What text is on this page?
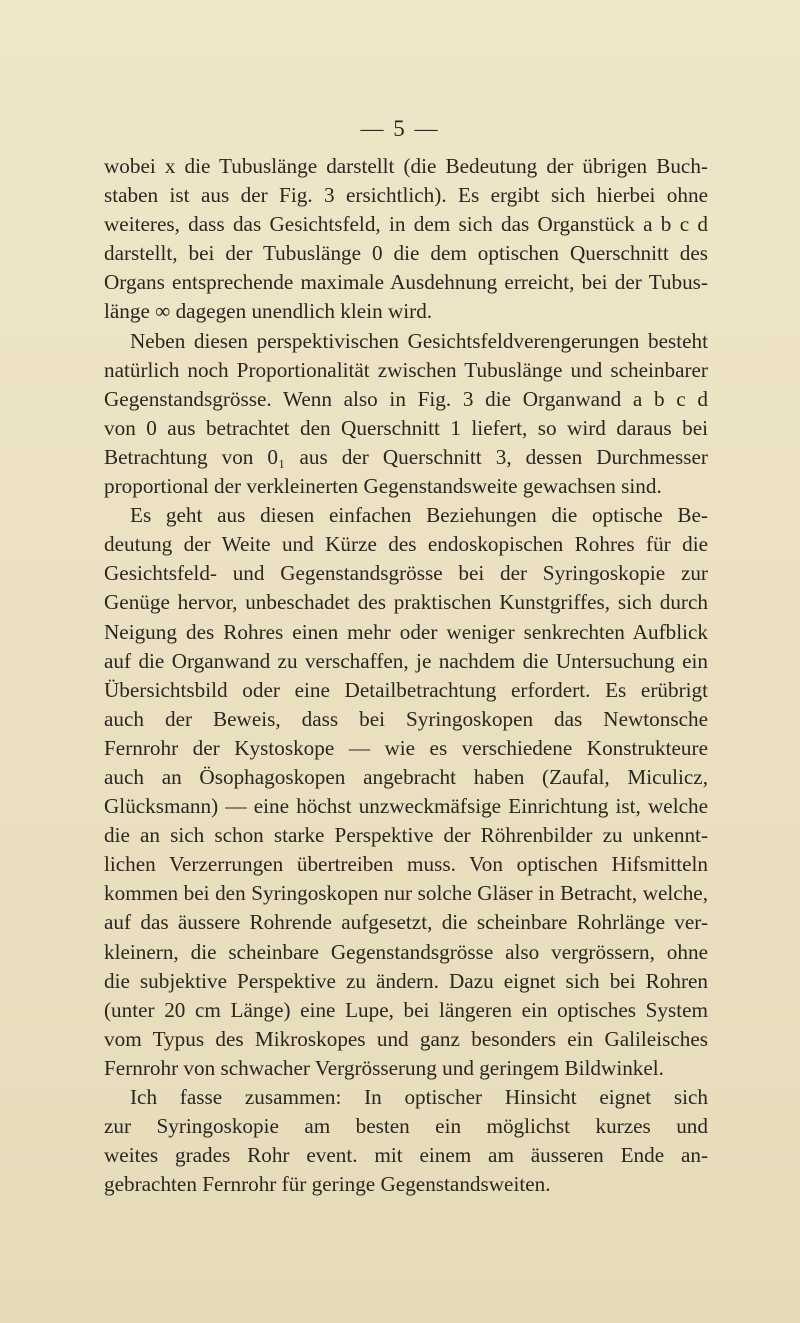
— 5 —
wobei x die Tubuslänge darstellt (die Bedeutung der übrigen Buch-
staben ist aus der Fig. 3 ersichtlich). Es ergibt sich hierbei ohne
weiteres, dass das Gesichtsfeld, in dem sich das Organstück a b c d
darstellt, bei der Tubuslänge 0 die dem optischen Querschnitt des
Organs entsprechende maximale Ausdehnung erreicht, bei der Tubus-
länge ∞ dagegen unendlich klein wird.
Neben diesen perspektivischen Gesichtsfeldverengerungen besteht
natürlich noch Proportionalität zwischen Tubuslänge und scheinbarer
Gegenstandsgrösse. Wenn also in Fig. 3 die Organwand a b c d
von 0 aus betrachtet den Querschnitt 1 liefert, so wird daraus bei
Betrachtung von 0₁ aus der Querschnitt 3, dessen Durchmesser
proportional der verkleinerten Gegenstandsweite gewachsen sind.
Es geht aus diesen einfachen Beziehungen die optische Be-
deutung der Weite und Kürze des endoskopischen Rohres für die
Gesichtsfeld- und Gegenstandsgrösse bei der Syringoskopie zur
Genüge hervor, unbeschadet des praktischen Kunstgriffes, sich durch
Neigung des Rohres einen mehr oder weniger senkrechten Aufblick
auf die Organwand zu verschaffen, je nachdem die Untersuchung ein
Übersichtsbild oder eine Detailbetrachtung erfordert. Es erübrigt
auch der Beweis, dass bei Syringoskopen das Newtonsche
Fernrohr der Kystoskope — wie es verschiedene Konstrukteure
auch an Ösophagoskopen angebracht haben (Zaufal, Miculicz,
Glücksmann) — eine höchst unzweckmäfsige Einrichtung ist, welche
die an sich schon starke Perspektive der Röhrenbilder zu unkennt-
lichen Verzerrungen übertreiben muss. Von optischen Hifsmitteln
kommen bei den Syringoskopen nur solche Gläser in Betracht, welche,
auf das äussere Rohrende aufgesetzt, die scheinbare Rohrlänge ver-
kleinern, die scheinbare Gegenstandsgrösse also vergrössern, ohne
die subjektive Perspektive zu ändern. Dazu eignet sich bei Rohren
(unter 20 cm Länge) eine Lupe, bei längeren ein optisches System
vom Typus des Mikroskopes und ganz besonders ein Galileisches
Fernrohr von schwacher Vergrösserung und geringem Bildwinkel.
Ich fasse zusammen: In optischer Hinsicht eignet sich
zur Syringoskopie am besten ein möglichst kurzes und
weites grades Rohr event. mit einem am äusseren Ende an-
gebrachten Fernrohr für geringe Gegenstandsweiten.
